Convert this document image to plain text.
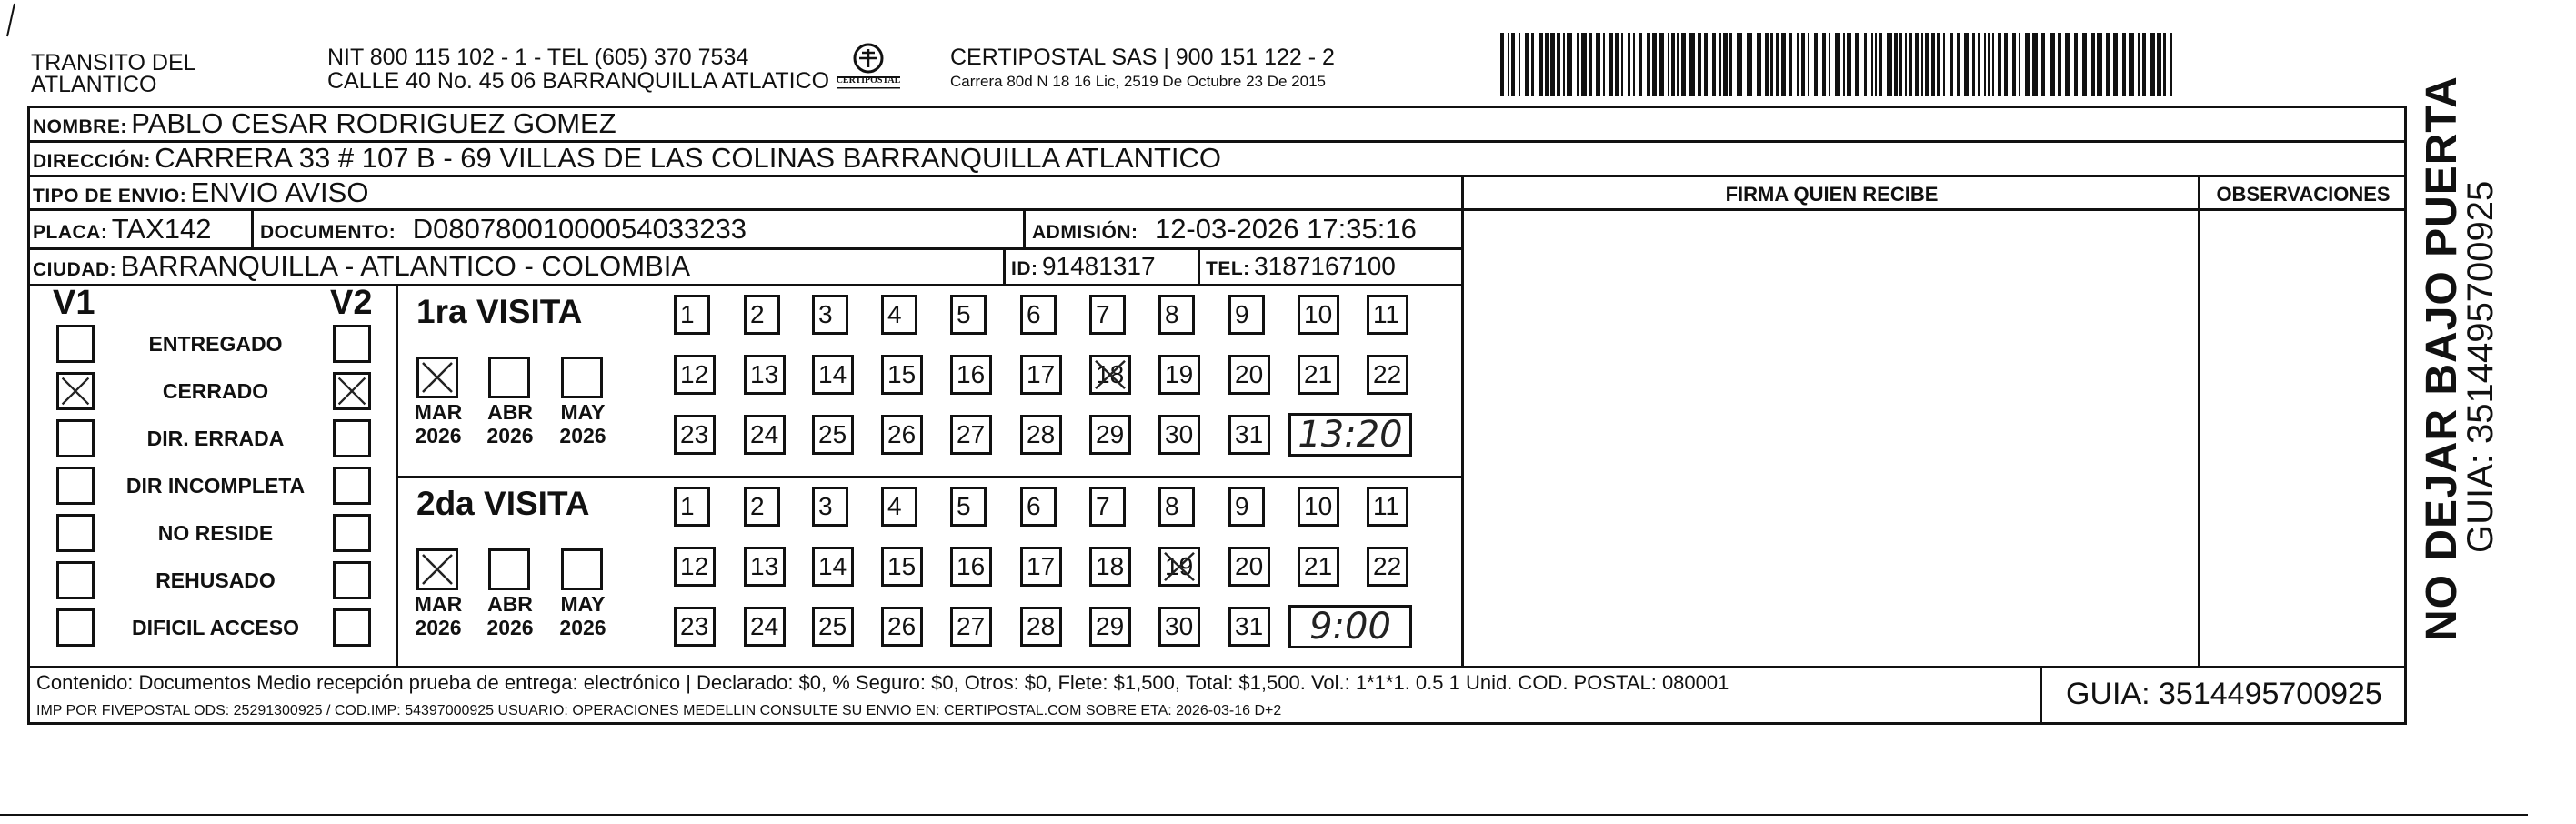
TRANSITO DEL
ATLANTICO
NIT 800 115 102 - 1 - TEL (605) 370 7534
CALLE 40 No. 45 06 BARRANQUILLA ATLATICO CERTIPOSTAL
CERTIPOSTAL SAS | 900 151 122 - 2
Carrera 80d N 18 16 Lic, 2519 De Octubre 23 De 2015
NOMBRE: PABLO CESAR RODRIGUEZ GOMEZ
DIRECCIÓN: CARRERA 33 # 107 B - 69 VILLAS DE LAS COLINAS BARRANQUILLA ATLANTICO
TIPO DE ENVIO: ENVIO AVISO	FIRMA QUIEN RECIBE	OBSERVACIONES
PLACA: TAX142	DOCUMENTO: D08078001000054033233	ADMISIÓN: 12-03-2026 17:35:16
CIUDAD: BARRANQUILLA - ATLANTICO - COLOMBIA	ID: 91481317	TEL: 3187167100
V1	V2
ENTREGADO
CERRADO
DIR. ERRADA
DIR INCOMPLETA
NO RESIDE
REHUSADO
DIFICIL ACCESO
1ra VISITA
MAR
2026
ABR
2026
MAY
2026
1	2	3	4	5	6	7	8	9	10 11
12 13 14 15 16 17 18 19 20 21 22
23 24 25 26 27 28 29 30 31 13:20
2da VISITA
MAR
2026
ABR
2026
MAY
2026
1	2	3	4	5	6	7	8	9	10 11
12 13 14 15 16 17 18 19 20 21 22
23 24 25 26 27 28 29 30 31	9:00
Contenido: Documentos Medio recepción prueba de entrega: electrónico | Declarado: $0, % Seguro: $0, Otros: $0, Flete: $1,500, Total: $1,500. Vol.: 1*1*1. 0.5 1 Unid. COD. POSTAL: 080001
IMP POR FIVEPOSTAL ODS: 25291300925 / COD.IMP: 54397000925 USUARIO: OPERACIONES MEDELLIN CONSULTE SU ENVIO EN: CERTIPOSTAL.COM SOBRE ETA: 2026-03-16 D+2	GUIA: 3514495700925
NO DEJAR BAJO PUERTA
GUIA: 3514495700925
